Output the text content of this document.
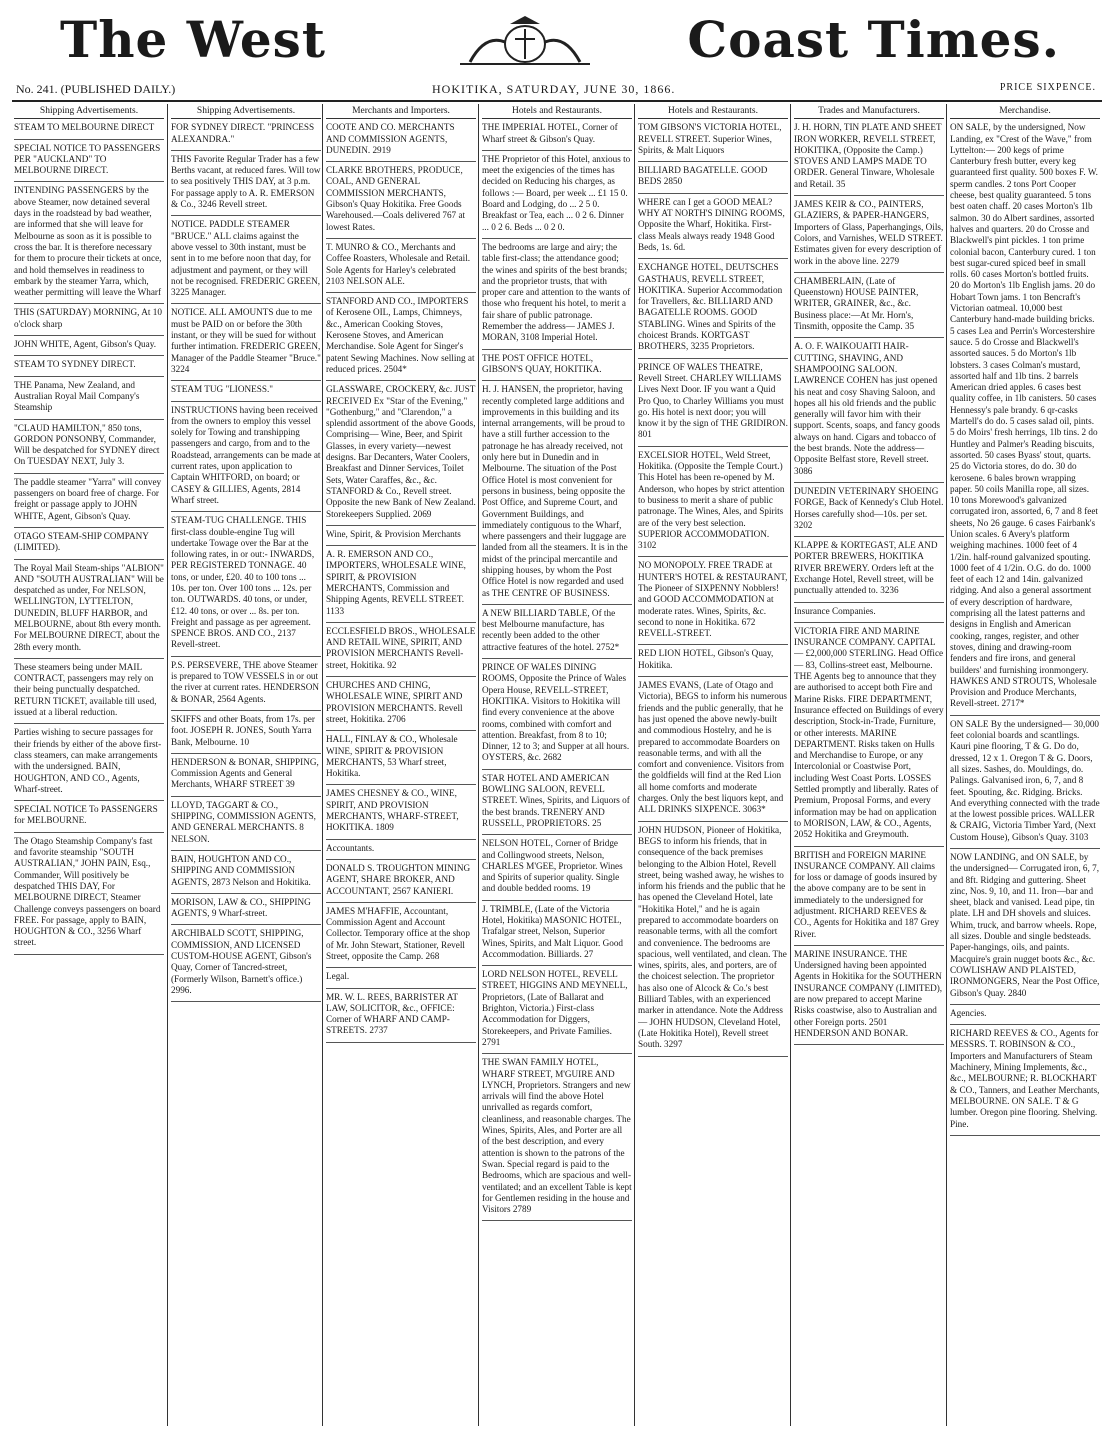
The West	Coast Times.
No. 241. (PUBLISHED DAILY.)	HOKITIKA, SATURDAY, JUNE 30, 1866.	PRICE SIXPENCE.
Shipping Advertisements.

STEAM TO MELBOURNE DIRECT

SPECIAL NOTICE TO PASSENGERS PER "AUCKLAND" TO MELBOURNE DIRECT.

INTENDING PASSENGERS by the above Steamer, now detained several days in the roadstead by bad weather, are informed that she will leave for Melbourne as soon as it is possible to cross the bar. It is therefore necessary for them to procure their tickets at once, and hold themselves in readiness to embark by the steamer Yarra, which, weather permitting will leave the Wharf

THIS (SATURDAY) MORNING, At 10 o'clock sharp

JOHN WHITE, Agent, Gibson's Quay.

STEAM TO SYDNEY DIRECT.

THE Panama, New Zealand, and Australian Royal Mail Company's Steamship

"CLAUD HAMILTON," 850 tons, GORDON PONSONBY, Commander, Will be despatched for SYDNEY direct On TUESDAY NEXT, July 3.

The paddle steamer "Yarra" will convey passengers on board free of charge. For freight or passage apply to JOHN WHITE, Agent, Gibson's Quay.

OTAGO STEAM-SHIP COMPANY (LIMITED).

The Royal Mail Steam-ships "ALBION" AND "SOUTH AUSTRALIAN" Will be despatched as under, For NELSON, WELLINGTON, LYTTELTON, DUNEDIN, BLUFF HARBOR, and MELBOURNE, about 8th every month. For MELBOURNE DIRECT, about the 28th every month.

These steamers being under MAIL CONTRACT, passengers may rely on their being punctually despatched. RETURN TICKET, available till used, issued at a liberal reduction.

Parties wishing to secure passages for their friends by either of the above first-class steamers, can make arrangements with the undersigned. BAIN, HOUGHTON, AND CO., Agents, Wharf-street.

SPECIAL NOTICE To PASSENGERS for MELBOURNE.

The Otago Steamship Company's fast and favorite steamship "SOUTH AUSTRALIAN," JOHN PAIN, Esq., Commander, Will positively be despatched THIS DAY, For MELBOURNE DIRECT, Steamer Challenge conveys passengers on board FREE. For passage, apply to BAIN, HOUGHTON & CO., 3256 Wharf street.

Shipping Advertisements.

FOR SYDNEY DIRECT. "PRINCESS ALEXANDRA."

THIS Favorite Regular Trader has a few Berths vacant, at reduced fares. Will tow to sea positively THIS DAY, at 3 p.m. For passage apply to A. R. EMERSON & Co., 3246 Revell street.

NOTICE. PADDLE STEAMER "BRUCE." ALL claims against the above vessel to 30th instant, must be sent in to me before noon that day, for adjustment and payment, or they will not be recognised. FREDERIC GREEN, 3225 Manager.

NOTICE. ALL AMOUNTS due to me must be PAID on or before the 30th instant, or they will be sued for without further intimation. FREDERIC GREEN, Manager of the Paddle Steamer "Bruce." 3224

STEAM TUG "LIONESS."

INSTRUCTIONS having been received from the owners to employ this vessel solely for Towing and transhipping passengers and cargo, from and to the Roadstead, arrangements can be made at current rates, upon application to Captain WHITFORD, on board; or CASEY & GILLIES, Agents, 2814 Wharf street.

STEAM-TUG CHALLENGE. THIS first-class double-engine Tug will undertake Towage over the Bar at the following rates, in or out:- INWARDS, PER REGISTERED TONNAGE. 40 tons, or under, £20. 40 to 100 tons ... 10s. per ton. Over 100 tons ... 12s. per ton. OUTWARDS. 40 tons, or under, £12. 40 tons, or over ... 8s. per ton. Freight and passage as per agreement. SPENCE BROS. AND CO., 2137 Revell-street.

P.S. PERSEVERE, THE above Steamer is prepared to TOW VESSELS in or out the river at current rates. HENDERSON & BONAR, 2564 Agents.

SKIFFS and other Boats, from 17s. per foot. JOSEPH R. JONES, South Yarra Bank, Melbourne. 10

HENDERSON & BONAR, SHIPPING, Commission Agents and General Merchants, WHARF STREET 39

LLOYD, TAGGART & CO., SHIPPING, COMMISSION AGENTS, AND GENERAL MERCHANTS. 8 NELSON.

BAIN, HOUGHTON AND CO., SHIPPING AND COMMISSION AGENTS, 2873 Nelson and Hokitika.

MORISON, LAW & CO., SHIPPING AGENTS, 9 Wharf-street.

ARCHIBALD SCOTT, SHIPPING, COMMISSION, AND LICENSED CUSTOM-HOUSE AGENT, Gibson's Quay, Corner of Tancred-street, (Formerly Wilson, Barnett's office.) 2996.

Merchants and Importers.

COOTE AND CO. MERCHANTS AND COMMISSION AGENTS, DUNEDIN. 2919

CLARKE BROTHERS, PRODUCE, COAL, AND GENERAL COMMISSION MERCHANTS, Gibson's Quay Hokitika. Free Goods Warehoused.—Coals delivered 767 at lowest Rates.

T. MUNRO & CO., Merchants and Coffee Roasters, Wholesale and Retail. Sole Agents for Harley's celebrated 2103 NELSON ALE.

STANFORD AND CO., IMPORTERS of Kerosene OIL, Lamps, Chimneys, &c., American Cooking Stoves, Kerosene Stoves, and American Merchandise. Sole Agent for Singer's patent Sewing Machines. Now selling at reduced prices. 2504*

GLASSWARE, CROCKERY, &c. JUST RECEIVED Ex "Star of the Evening," "Gothenburg," and "Clarendon," a splendid assortment of the above Goods, Comprising— Wine, Beer, and Spirit Glasses, in every variety—newest designs. Bar Decanters, Water Coolers, Breakfast and Dinner Services, Toilet Sets, Water Caraffes, &c., &c. STANFORD & Co., Revell street. Opposite the new Bank of New Zealand. Storekeepers Supplied. 2069

Wine, Spirit, & Provision Merchants

A. R. EMERSON AND CO., IMPORTERS, WHOLESALE WINE, SPIRIT, & PROVISION MERCHANTS, Commission and Shipping Agents, REVELL STREET. 1133

ECCLESFIELD BROS., WHOLESALE AND RETAIL WINE, SPIRIT, AND PROVISION MERCHANTS Revell-street, Hokitika. 92

CHURCHES AND CHING, WHOLESALE WINE, SPIRIT AND PROVISION MERCHANTS. Revell street, Hokitika. 2706

HALL, FINLAY & CO., Wholesale WINE, SPIRIT & PROVISION MERCHANTS, 53 Wharf street, Hokitika.

JAMES CHESNEY & CO., WINE, SPIRIT, AND PROVISION MERCHANTS, WHARF-STREET, HOKITIKA. 1809

Accountants.

DONALD S. TROUGHTON MINING AGENT, SHARE BROKER, AND ACCOUNTANT, 2567 KANIERI.

JAMES M'HAFFIE, Accountant, Commission Agent and Account Collector. Temporary office at the shop of Mr. John Stewart, Stationer, Revell Street, opposite the Camp. 268

Legal.

MR. W. L. REES, BARRISTER AT LAW, SOLICITOR, &c., OFFICE: Corner of WHARF AND CAMP-STREETS. 2737

Hotels and Restaurants.

THE IMPERIAL HOTEL, Corner of Wharf street & Gibson's Quay.

THE Proprietor of this Hotel, anxious to meet the exigencies of the times has decided on Reducing his charges, as follows :— Board, per week ... £1 15 0. Board and Lodging, do ... 2 5 0. Breakfast or Tea, each ... 0 2 6. Dinner ... 0 2 6. Beds ... 0 2 0.

The bedrooms are large and airy; the table first-class; the attendance good; the wines and spirits of the best brands; and the proprietor trusts, that with proper care and attention to the wants of those who frequent his hotel, to merit a fair share of public patronage. Remember the address— JAMES J. MORAN, 3108 Imperial Hotel.

THE POST OFFICE HOTEL, GIBSON'S QUAY, HOKITIKA.

H. J. HANSEN, the proprietor, having recently completed large additions and improvements in this building and its internal arrangements, will be proud to have a still further accession to the patronage he has already received, not only here but in Dunedin and in Melbourne. The situation of the Post Office Hotel is most convenient for persons in business, being opposite the Post Office, and Supreme Court, and Government Buildings, and immediately contiguous to the Wharf, where passengers and their luggage are landed from all the steamers. It is in the midst of the principal mercantile and shipping houses, by whom the Post Office Hotel is now regarded and used as THE CENTRE OF BUSINESS.

A NEW BILLIARD TABLE, Of the best Melbourne manufacture, has recently been added to the other attractive features of the hotel. 2752*

PRINCE OF WALES DINING ROOMS, Opposite the Prince of Wales Opera House, REVELL-STREET, HOKITIKA. Visitors to Hokitika will find every convenience at the above rooms, combined with comfort and attention. Breakfast, from 8 to 10; Dinner, 12 to 3; and Supper at all hours. OYSTERS, &c. 2682

STAR HOTEL AND AMERICAN BOWLING SALOON, REVELL STREET. Wines, Spirits, and Liquors of the best brands. TRENERY AND RUSSELL, PROPRIETORS. 25

NELSON HOTEL, Corner of Bridge and Collingwood streets, Nelson, CHARLES M'GEE, Proprietor. Wines and Spirits of superior quality. Single and double bedded rooms. 19

J. TRIMBLE, (Late of the Victoria Hotel, Hokitika) MASONIC HOTEL, Trafalgar street, Nelson, Superior Wines, Spirits, and Malt Liquor. Good Accommodation. Billiards. 27

LORD NELSON HOTEL, REVELL STREET, HIGGINS AND MEYNELL, Proprietors, (Late of Ballarat and Brighton, Victoria.) First-class Accommodation for Diggers, Storekeepers, and Private Families. 2791

THE SWAN FAMILY HOTEL, WHARF STREET, M'GUIRE AND LYNCH, Proprietors. Strangers and new arrivals will find the above Hotel unrivalled as regards comfort, cleanliness, and reasonable charges. The Wines, Spirits, Ales, and Porter are all of the best description, and every attention is shown to the patrons of the Swan. Special regard is paid to the Bedrooms, which are spacious and well-ventilated; and an excellent Table is kept for Gentlemen residing in the house and Visitors 2789

Hotels and Restaurants.

TOM GIBSON'S VICTORIA HOTEL, REVELL STREET. Superior Wines, Spirits, & Malt Liquors

BILLIARD BAGATELLE. GOOD BEDS 2850

WHERE can I get a GOOD MEAL? WHY AT NORTH'S DINING ROOMS, Opposite the Wharf, Hokitika. First-class Meals always ready 1948 Good Beds, 1s. 6d.

EXCHANGE HOTEL, DEUTSCHES GASTHAUS, REVELL STREET, HOKITIKA. Superior Accommodation for Travellers, &c. BILLIARD AND BAGATELLE ROOMS. GOOD STABLING. Wines and Spirits of the choicest Brands. KORTGAST BROTHERS, 3235 Proprietors.

PRINCE OF WALES THEATRE, Revell Street. CHARLEY WILLIAMS Lives Next Door. IF you want a Quid Pro Quo, to Charley Williams you must go. His hotel is next door; you will know it by the sign of THE GRIDIRON. 801

EXCELSIOR HOTEL, Weld Street, Hokitika. (Opposite the Temple Court.) This Hotel has been re-opened by M. Anderson, who hopes by strict attention to business to merit a share of public patronage. The Wines, Ales, and Spirits are of the very best selection. SUPERIOR ACCOMMODATION. 3102

NO MONOPOLY. FREE TRADE at HUNTER'S HOTEL & RESTAURANT, The Pioneer of SIXPENNY Nobblers! and GOOD ACCOMMODATION at moderate rates. Wines, Spirits, &c. second to none in Hokitika. 672 REVELL-STREET.

RED LION HOTEL, Gibson's Quay, Hokitika.

JAMES EVANS, (Late of Otago and Victoria), BEGS to inform his numerous friends and the public generally, that he has just opened the above newly-built and commodious Hostelry, and he is prepared to accommodate Boarders on reasonable terms, and with all the comfort and convenience. Visitors from the goldfields will find at the Red Lion all home comforts and moderate charges. Only the best liquors kept, and ALL DRINKS SIXPENCE. 3063*

JOHN HUDSON, Pioneer of Hokitika, BEGS to inform his friends, that in consequence of the back premises belonging to the Albion Hotel, Revell street, being washed away, he wishes to inform his friends and the public that he has opened the Cleveland Hotel, late "Hokitika Hotel," and he is again prepared to accommodate boarders on reasonable terms, with all the comfort and convenience. The bedrooms are spacious, well ventilated, and clean. The wines, spirits, ales, and porters, are of the choicest selection. The proprietor has also one of Alcock & Co.'s best Billiard Tables, with an experienced marker in attendance. Note the Address— JOHN HUDSON, Cleveland Hotel, (Late Hokitika Hotel), Revell street South. 3297

Trades and Manufacturers.

J. H. HORN, TIN PLATE AND SHEET IRON WORKER, REVELL STREET, HOKITIKA, (Opposite the Camp.) STOVES AND LAMPS MADE TO ORDER. General Tinware, Wholesale and Retail. 35

JAMES KEIR & CO., PAINTERS, GLAZIERS, & PAPER-HANGERS, Importers of Glass, Paperhangings, Oils, Colors, and Varnishes, WELD STREET. Estimates given for every description of work in the above line. 2279

CHAMBERLAIN, (Late of Queenstown) HOUSE PAINTER, WRITER, GRAINER, &c., &c. Business place:—At Mr. Horn's, Tinsmith, opposite the Camp. 35

A. O. F. WAIKOUAITI HAIR-CUTTING, SHAVING, AND SHAMPOOING SALOON. LAWRENCE COHEN has just opened his neat and cosy Shaving Saloon, and hopes all his old friends and the public generally will favor him with their support. Scents, soaps, and fancy goods always on hand. Cigars and tobacco of the best brands. Note the address—Opposite Belfast store, Revell street. 3086

DUNEDIN VETERINARY SHOEING FORGE, Back of Kennedy's Club Hotel. Horses carefully shod—10s. per set. 3202

KLAPPE & KORTEGAST, ALE AND PORTER BREWERS, HOKITIKA RIVER BREWERY. Orders left at the Exchange Hotel, Revell street, will be punctually attended to. 3236

Insurance Companies.

VICTORIA FIRE AND MARINE INSURANCE COMPANY. CAPITAL — £2,000,000 STERLING. Head Office — 83, Collins-street east, Melbourne. THE Agents beg to announce that they are authorised to accept both Fire and Marine Risks. FIRE DEPARTMENT, Insurance effected on Buildings of every description, Stock-in-Trade, Furniture, or other interests. MARINE DEPARTMENT. Risks taken on Hulls and Merchandise to Europe, or any Intercolonial or Coastwise Port, including West Coast Ports. LOSSES Settled promptly and liberally. Rates of Premium, Proposal Forms, and every information may be had on application to MORISON, LAW, & CO., Agents, 2052 Hokitika and Greymouth.

BRITISH and FOREIGN MARINE INSURANCE COMPANY. All claims for loss or damage of goods insured by the above company are to be sent in immediately to the undersigned for adjustment. RICHARD REEVES & CO., Agents for Hokitika and 187 Grey River.

MARINE INSURANCE. THE Undersigned having been appointed Agents in Hokitika for the SOUTHERN INSURANCE COMPANY (LIMITED), are now prepared to accept Marine Risks coastwise, also to Australian and other Foreign ports. 2501 HENDERSON AND BONAR.

Merchandise.

ON SALE, by the undersigned, Now Landing, ex "Crest of the Wave," from Lyttelton:— 200 kegs of prime Canterbury fresh butter, every keg guaranteed first quality. 500 boxes F. W. sperm candles. 2 tons Port Cooper cheese, best quality guaranteed. 5 tons best oaten chaff. 20 cases Morton's 1lb salmon. 30 do Albert sardines, assorted halves and quarters. 20 do Crosse and Blackwell's pint pickles. 1 ton prime colonial bacon, Canterbury cured. 1 ton best sugar-cured spiced beef in small rolls. 60 cases Morton's bottled fruits. 20 do Morton's 1lb English jams. 20 do Hobart Town jams. 1 ton Bencraft's Victorian oatmeal. 10,000 best Canterbury hand-made building bricks. 5 cases Lea and Perrin's Worcestershire sauce. 5 do Crosse and Blackwell's assorted sauces. 5 do Morton's 1lb lobsters. 3 cases Colman's mustard, assorted half and 1lb tins. 2 barrels American dried apples. 6 cases best quality coffee, in 1lb canisters. 50 cases Hennessy's pale brandy. 6 qr-casks Martell's do do. 5 cases salad oil, pints. 5 do Moirs' fresh herrings, 1lb tins. 2 do Huntley and Palmer's Reading biscuits, assorted. 50 cases Byass' stout, quarts. 25 do Victoria stores, do do. 30 do kerosene. 6 bales brown wrapping paper. 50 coils Manilla rope, all sizes. 10 tons Morewood's galvanized corrugated iron, assorted, 6, 7 and 8 feet sheets, No 26 gauge. 6 cases Fairbank's Union scales. 6 Avery's platform weighing machines. 1000 feet of 4 1/2in. half-round galvanized spouting. 1000 feet of 4 1/2in. O.G. do do. 1000 feet of each 12 and 14in. galvanized ridging. And also a general assortment of every description of hardware, comprising all the latest patterns and designs in English and American cooking, ranges, register, and other stoves, dining and drawing-room fenders and fire irons, and general builders' and furnishing ironmongery. HAWKES AND STROUTS, Wholesale Provision and Produce Merchants, Revell-street. 2717*

ON SALE By the undersigned— 30,000 feet colonial boards and scantlings. Kauri pine flooring, T & G. Do do, dressed, 12 x 1. Oregon T & G. Doors, all sizes. Sashes, do. Mouldings, do. Palings. Galvanised iron, 6, 7, and 8 feet. Spouting, &c. Ridging. Bricks. And everything connected with the trade at the lowest possible prices. WALLER & CRAIG, Victoria Timber Yard, (Next Custom House), Gibson's Quay. 3103

NOW LANDING, and ON SALE, by the undersigned— Corrugated iron, 6, 7, and 8ft. Ridging and guttering. Sheet zinc, Nos. 9, 10, and 11. Iron—bar and sheet, black and vanised. Lead pipe, tin plate. LH and DH shovels and sluices. Whim, truck, and barrow wheels. Rope, all sizes. Double and single bedsteads. Paper-hangings, oils, and paints. Macquire's grain nugget boots &c., &c. COWLISHAW AND PLAISTED, IRONMONGERS, Near the Post Office, Gibson's Quay. 2840

Agencies.

RICHARD REEVES & CO., Agents for MESSRS. T. ROBINSON & CO., Importers and Manufacturers of Steam Machinery, Mining Implements, &c., &c., MELBOURNE; R. BLOCKHART & CO., Tanners, and Leather Merchants, MELBOURNE. ON SALE. T & G lumber. Oregon pine flooring. Shelving. Pine.
